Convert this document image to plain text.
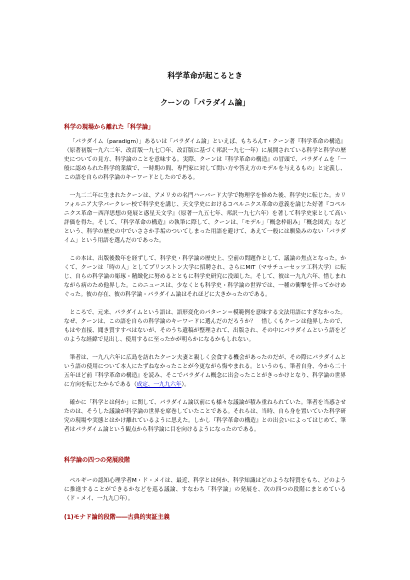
科学革命が起こるとき
クーンの「パラダイム論」
科学の現場から離れた「科学論」

「パラダイム（paradigm）」あるいは「パラダイム論」といえば、もちろんT・クーン著『科学革命の構造』（原著初版一九六二年、改訂版一九七〇年、改訂版に基づく邦訳一九七一年）に展開されている科学と科学の歴史についての見方、科学論のことを意味する。実際、クーンは『科学革命の構造』の冒頭で、パラダイムを「一般に認められた科学的業績で、一時期の間、専門家に対して問い方や答え方のモデルを与えるもの」と定義し、この語を自らの科学論のキーワードとしたのである。

一九二二年に生まれたクーンは、アメリカの名門ハーバード大学で物理学を修めた後、科学史に転じた。カリフォルニア大学バークレー校で科学史を講じ、天文学史におけるコペルニクス革命の意義を論じた好著『コペルニクス革命－西洋思想の発展と惑星天文学』（原著一九五七年、邦訳一九七六年）を著して科学史家として高い評価を得た。そして、『科学革命の構造』の執筆に際して、クーンは、「モデル」「概念枠組み」「概念図式」などという、科学の歴史の中でいささか手垢のついてしまった用語を避けて、あえて一般には馴染みのない「パラダイム」という用語を選んだのであった。

この本は、出版後数年を経ずして、科学史・科学論の歴史上、空前の問題作として、議論の焦点となった。かくて、クーンは「時の人」としてプリンストン大学に招聘され、さらにMIT（マサチューセッツ工科大学）に転じ、自らの科学論の彫琢・精緻化に努めるとともに科学史研究に没頭した。そして、彼は一九九六年、惜しまれながら病のため他界した。このニュースは、少なくとも科学史・科学論の世界では、一種の衝撃を伴ってかけめぐった。彼の存在、彼の科学論・パラダイム論はそれほどに大きかったのである。

ところで、元来、パラダイムという語は、語形変化のパターン＝模範例を意味する文法用語にすぎなかった。なぜ、クーンは、この語を自らの科学論のキーワードに選んだのだろうか？　惜しくもクーンは他界したので、もはや直接、聞き質すすべはないが、そのうち遺稿が整理されて、出版され、その中にパラダイムという語をどのような経緯で見出し、使用するに至ったかが明らかになるかもしれない。

筆者は、一九八六年に広島を訪れたクーン夫妻と親しく会食する機会があったのだが、その際にパラダイムという語の使用について本人にたずねなかったことが今更ながら悔やまれる。というのも、筆者自身、今から二十五年ほど前『科学革命の構造』を読み、そこでパラダイム概念に出会ったことがきっかけとなり、科学論の世界に方向を転じたからである（成定、一九九六年）。

確かに「科学とは何か」に関して、パラダイム論以前にも様々な議論が積み重ねられていた。筆者を当惑させたのは、そうした議論が科学論の世界を席巻していたことである。それらは、当時、自ら身を置いていた科学研究の現場や実態とはかけ離れているように思えた。しかし『科学革命の構造』との出会いによってはじめて、筆者はパラダイム論という観点から科学論に目を向けるようになったのである。

科学論の四つの発展段階

ベルギーの認知心理学者M・ド・メイは、最近、科学とは何か、科学知識はどのような特質をもち、どのように推進することができるかなどを巡る議論、すなわち「科学論」の発展を、次の四つの段階にまとめている（ド・メイ、一九九〇年）。

(1)モナド論的段階――古典的実証主義
